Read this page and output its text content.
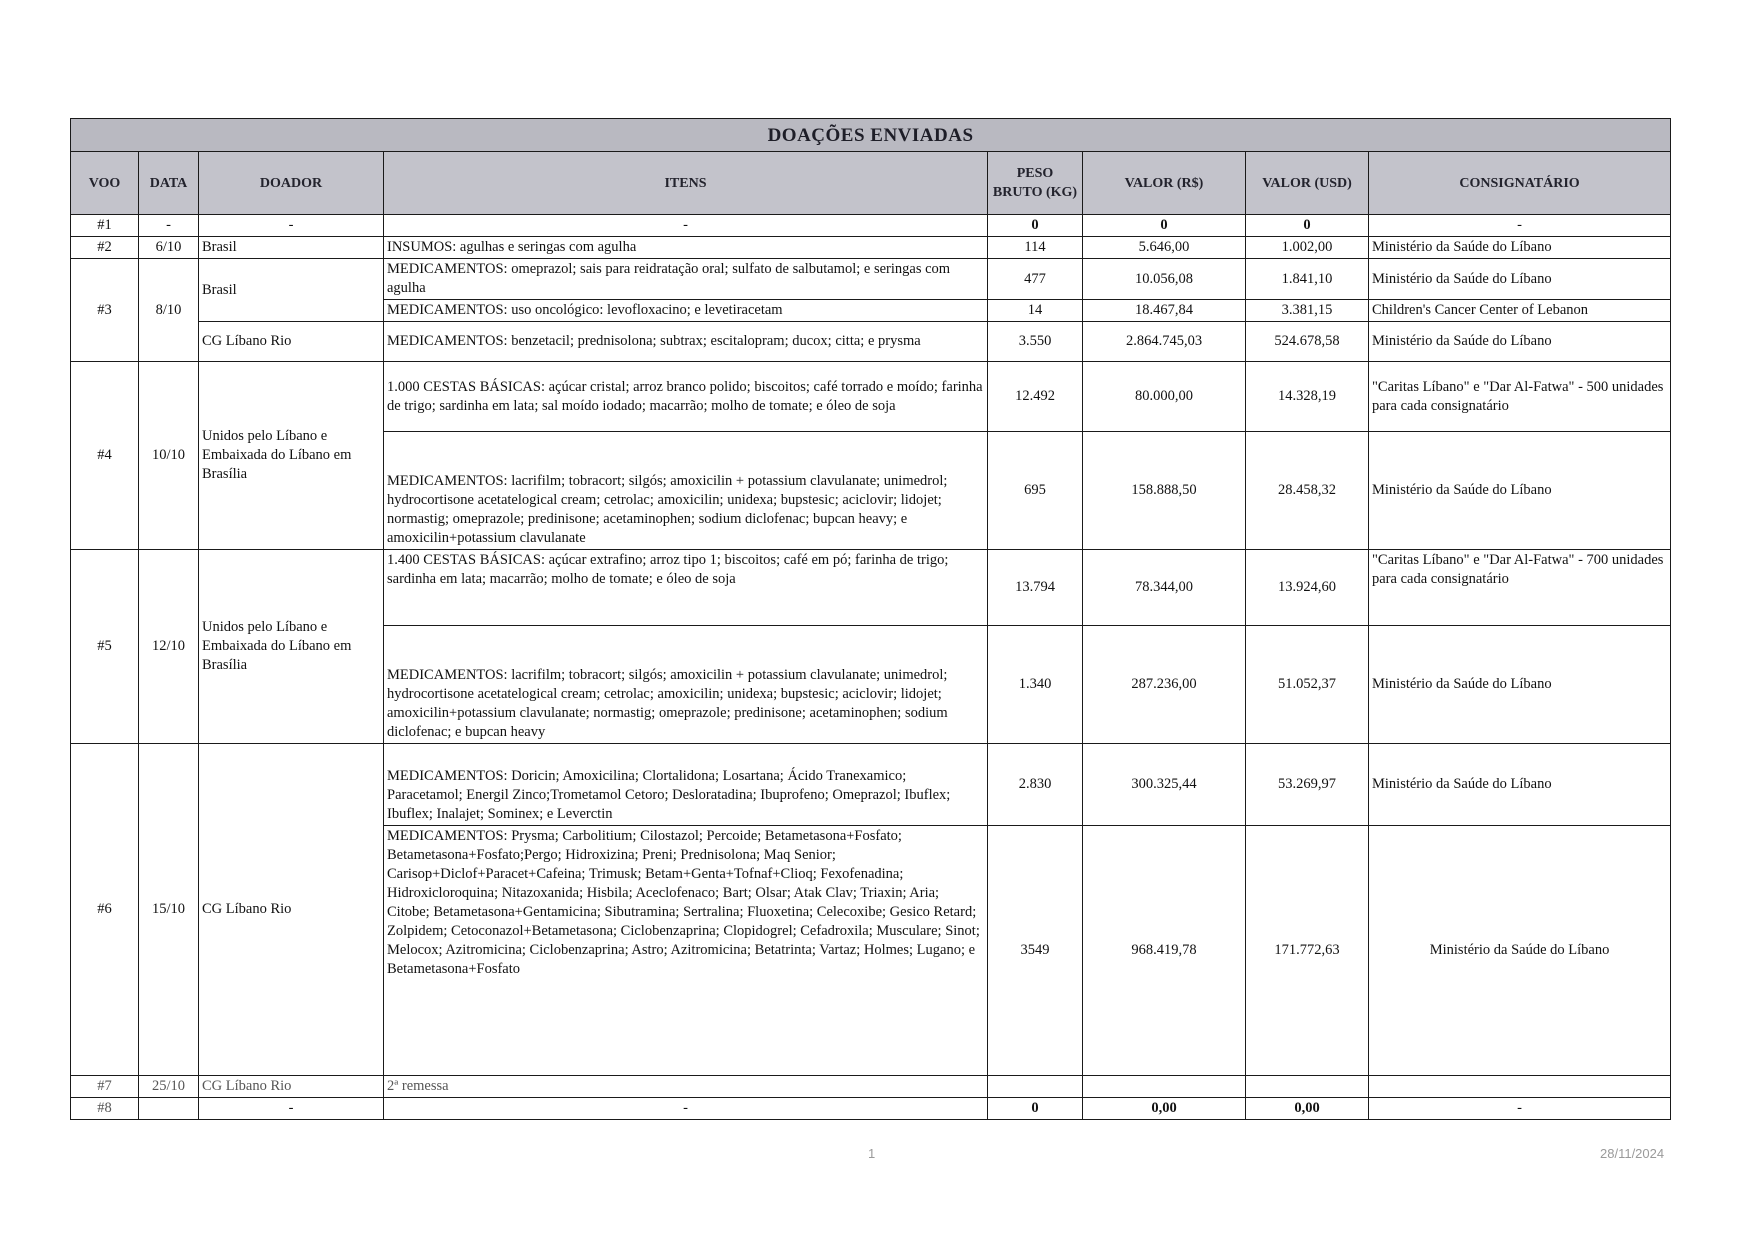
DOAÇÕES ENVIADAS							
VOO	DATA	DOADOR	ITENS	PESO BRUTO (KG)	VALOR (R$)	VALOR (USD)	CONSIGNATÁRIO
#1	-	-	-	0	0	0	-
#2	6/10	Brasil	INSUMOS: agulhas e seringas com agulha	114	5.646,00	1.002,00	Ministério da Saúde do Líbano
#3	8/10	Brasil	MEDICAMENTOS: omeprazol; sais para reidratação oral; sulfato de salbutamol; e seringas com agulha	477	10.056,08	1.841,10	Ministério da Saúde do Líbano
			MEDICAMENTOS: uso oncológico: levofloxacino; e levetiracetam	14	18.467,84	3.381,15	Children's Cancer Center of Lebanon
		CG Líbano Rio	MEDICAMENTOS: benzetacil; prednisolona; subtrax; escitalopram; ducox; citta; e prysma	3.550	2.864.745,03	524.678,58	Ministério da Saúde do Líbano
#4	10/10	Unidos pelo Líbano e Embaixada do Líbano em Brasília	1.000 CESTAS BÁSICAS: açúcar cristal; arroz branco polido; biscoitos; café torrado e moído; farinha de trigo; sardinha em lata; sal moído iodado; macarrão; molho de tomate; e óleo de soja	12.492	80.000,00	14.328,19	"Caritas Líbano" e "Dar Al-Fatwa" - 500 unidades para cada consignatário
			MEDICAMENTOS: lacrifilm; tobracort; silgós; amoxicilin + potassium clavulanate; unimedrol; hydrocortisone acetatelogical cream; cetrolac; amoxicilin; unidexa; bupstesic; aciclovir; lidojet; normastig; omeprazole; predinisone; acetaminophen; sodium diclofenac; bupcan heavy; e amoxicilin+potassium clavulanate	695	158.888,50	28.458,32	Ministério da Saúde do Líbano
#5	12/10	Unidos pelo Líbano e Embaixada do Líbano em Brasília	1.400 CESTAS BÁSICAS: açúcar extrafino; arroz tipo 1; biscoitos; café em pó; farinha de trigo; sardinha em lata; macarrão; molho de tomate; e óleo de soja	13.794	78.344,00	13.924,60	"Caritas Líbano" e "Dar Al-Fatwa" - 700 unidades para cada consignatário
			MEDICAMENTOS: lacrifilm; tobracort; silgós; amoxicilin + potassium clavulanate; unimedrol; hydrocortisone acetatelogical cream; cetrolac; amoxicilin; unidexa; bupstesic; aciclovir; lidojet; amoxicilin+potassium clavulanate; normastig; omeprazole; predinisone; acetaminophen; sodium diclofenac; e bupcan heavy	1.340	287.236,00	51.052,37	Ministério da Saúde do Líbano
#6	15/10	CG Líbano Rio	MEDICAMENTOS: Doricin; Amoxicilina; Clortalidona; Losartana; Ácido Tranexamico; Paracetamol; Energil Zinco;Trometamol Cetoro; Desloratadina; Ibuprofeno; Omeprazol; Ibuflex; Ibuflex; Inalajet; Sominex; e Leverctin	2.830	300.325,44	53.269,97	Ministério da Saúde do Líbano
			MEDICAMENTOS: Prysma; Carbolitium; Cilostazol; Percoide; Betametasona+Fosfato; Betametasona+Fosfato;Pergo; Hidroxizina; Preni; Prednisolona; Maq Senior; Carisop+Diclof+Paracet+Cafeina; Trimusk; Betam+Genta+Tofnaf+Clioq; Fexofenadina; Hidroxicloroquina; Nitazoxanida; Hisbila; Aceclofenaco; Bart; Olsar; Atak Clav; Triaxin; Aria; Citobe; Betametasona+Gentamicina; Sibutramina; Sertralina; Fluoxetina; Celecoxibe; Gesico Retard; Zolpidem; Cetoconazol+Betametasona; Ciclobenzaprina; Clopidogrel; Cefadroxila; Musculare; Sinot; Melocox; Azitromicina; Ciclobenzaprina; Astro; Azitromicina; Betatrinta; Vartaz; Holmes; Lugano; e Betametasona+Fosfato	3549	968.419,78	171.772,63	Ministério da Saúde do Líbano
#7	25/10	CG Líbano Rio	2ª remessa				
#8		-	-	0	0,00	0,00	-
1	28/11/2024
